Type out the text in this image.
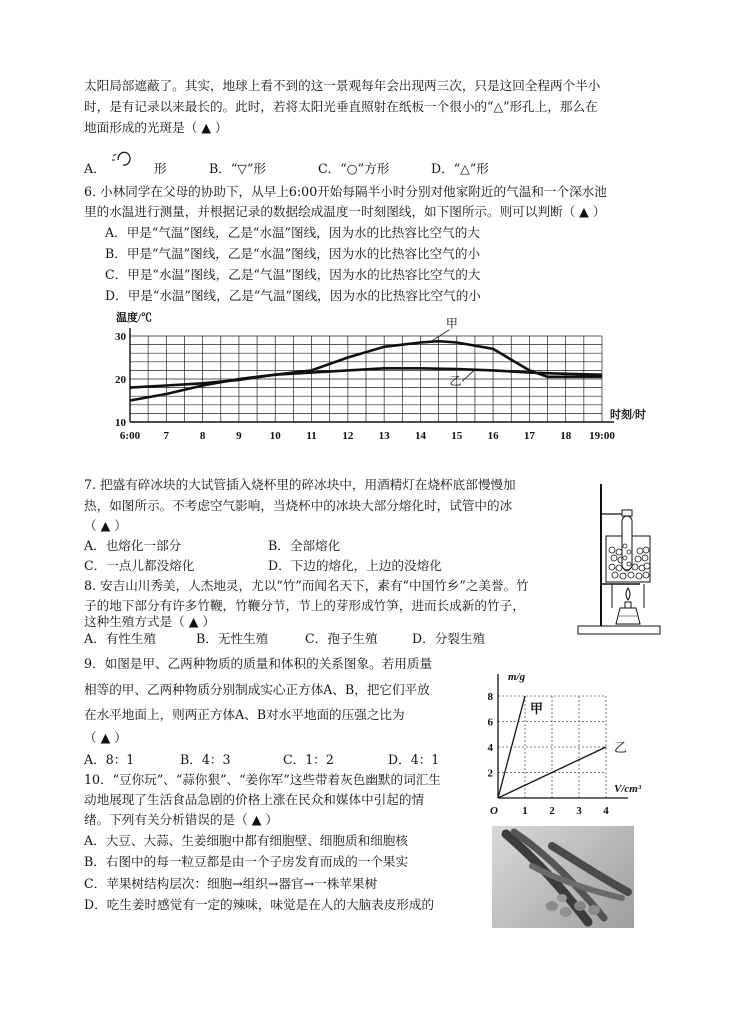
太阳局部遮蔽了。其实，地球上看不到的这一景观每年会出现两三次，只是这回全程两个半小
时，是有记录以来最长的。此时，若将太阳光垂直照射在纸板一个很小的“△”形孔上，那么在
地面形成的光斑是（ ▲ ）
A．	形	B．“▽”形	C．“○”方形	D．“△”形
6. 小林同学在父母的协助下，从早上6:00开始每隔半小时分别对他家附近的气温和一个深水池
里的水温进行测量，并根据记录的数据绘成温度一时刻图线，如下图所示。则可以判断（ ▲ ）
A．甲是“气温”图线，乙是“水温”图线，因为水的比热容比空气的大
B．甲是“气温”图线，乙是“水温”图线，因为水的比热容比空气的小
C．甲是“水温”图线，乙是“气温”图线，因为水的比热容比空气的大
D．甲是“水温”图线，乙是“气温”图线，因为水的比热容比空气的小
10
20
30
6:00 7	8	9	10 11 12 13 14 15 16 17 18 19:00
温度/℃
时刻/时
甲
乙
7. 把盛有碎冰块的大试管插入烧杯里的碎冰块中，用酒精灯在烧杯底部慢慢加
热，如图所示。不考虑空气影响，当烧杯中的冰块大部分熔化时，试管中的冰
（ ▲ ）
A．也熔化一部分	B．全部熔化
C．一点儿都没熔化	D．下边的熔化，上边的没熔化
8. 安吉山川秀美，人杰地灵，尤以“竹”而闻名天下，素有“中国竹乡”之美誉。竹
子的地下部分有许多竹鞭，竹鞭分节，节上的芽形成竹笋，进而长成新的竹子，
这种生殖方式是（ ▲ ）
A．有性生殖	B．无性生殖	C．孢子生殖	D．分裂生殖
9．如图是甲、乙两种物质的质量和体积的关系图象。若用质量
相等的甲、乙两种物质分别制成实心正方体A、B，把它们平放
在水平地面上，则两正方体A、B对水平地面的压强之比为
（ ▲ ）
A．8：1	B．4：3	C．1：2	D．4：1
2
4
6
8
1 2 3 4
O
m/g
V/cm³
甲
乙
10．“豆你玩”、“蒜你狠”、“姜你军”这些带着灰色幽默的词汇生
动地展现了生活食品急剧的价格上涨在民众和媒体中引起的情
绪。下列有关分析错误的是（ ▲ ）
A．大豆、大蒜、生姜细胞中都有细胞壁、细胞质和细胞核
B．右图中的每一粒豆都是由一个子房发育而成的一个果实
C．苹果树结构层次：细胞→组织→器官→一株苹果树
D．吃生姜时感觉有一定的辣味，味觉是在人的大脑表皮形成的
